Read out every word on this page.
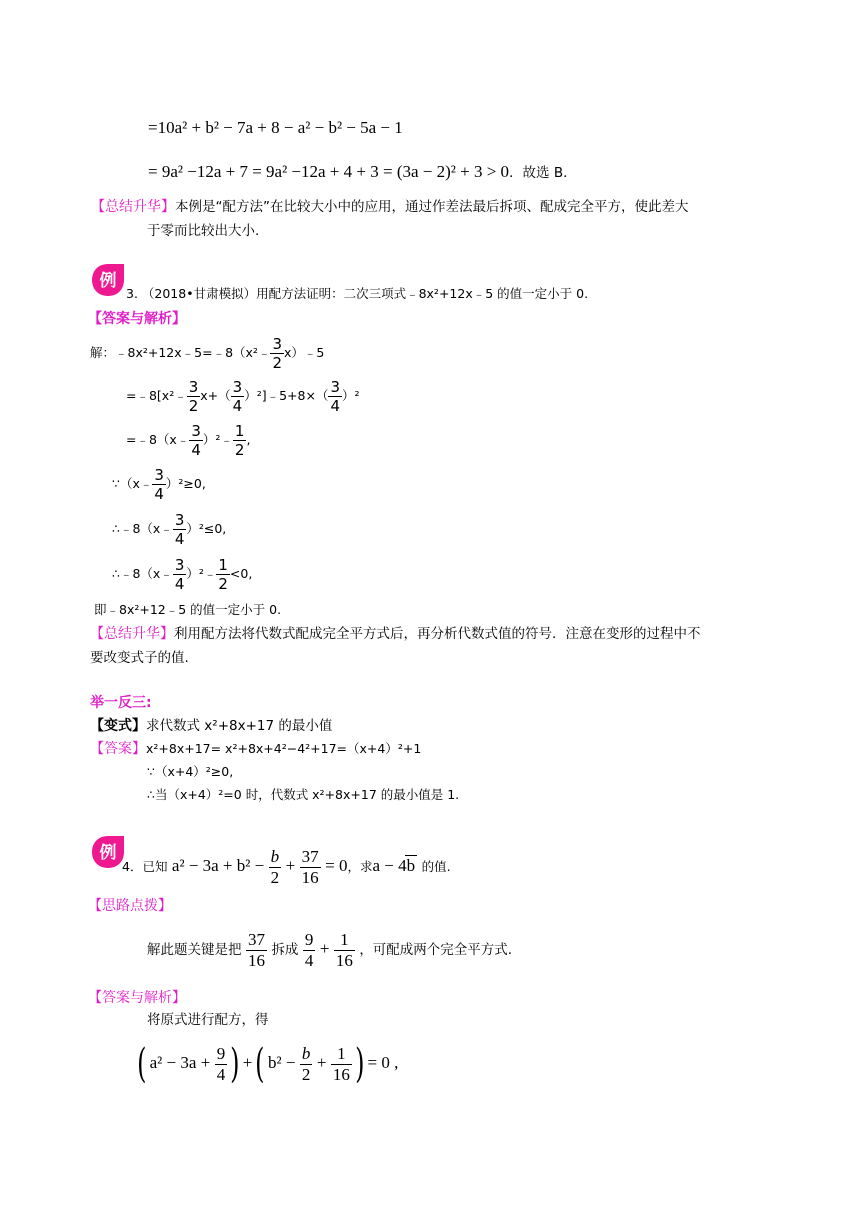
=10a² + b² − 7a + 8 − a² − b² − 5a − 1
= 9a² −12a + 7 = 9a² −12a + 4 + 3 = (3a − 2)² + 3 > 0．故选 B．
【总结升华】本例是“配方法”在比较大小中的应用，通过作差法最后拆项、配成完全平方，使此差大
于零而比较出大小.
例
3. （2018•甘肃模拟）用配方法证明：二次三项式﹣8x²+12x﹣5 的值一定小于 0.
【答案与解析】
解：﹣8x²+12x﹣5=﹣8（x²﹣ $\frac{3}{2}$ x）﹣5
=﹣8[x²﹣ $\frac{3}{2} x+( \frac{3}{4}$ ）²]﹣5+8×（ $\frac{3}{4} )^2$
=﹣8（x﹣ $\frac{3}{4}$ ）²﹣ $\frac{1}{2}$ ,
∵（x﹣ $\frac{3}{4} )^2\ge 0$,
∴﹣8（x﹣ $\frac{3}{4} )^2\le 0$,
∴﹣8（x﹣ $\frac{3}{4}$ ）²﹣ $\frac{1}{2} <0$,
即﹣8x²+12﹣5 的值一定小于 0.
【总结升华】利用配方法将代数式配成完全平方式后，再分析代数式值的符号．注意在变形的过程中不
要改变式子的值.
举一反三:
【变式】求代数式 x²+8x+17 的最小值
【答案】x²+8x+17= x²+8x+4²−4²+17=（x+4）²+1
∵（x+4）²≥0,
∴当（x+4）²=0 时，代数式 x²+8x+17 的最小值是 1.
例
4．已知 $a^2 - 3a + b^2 - \frac{b}{2} + \frac{37}{16} = 0$，求a − 4b 的值.
【思路点拨】
解此题关键是把 $\frac{37}{16}$ 拆成 $\frac{9}{4} + \frac{1}{16}$ ，可配成两个完全平方式.
【答案与解析】
将原式进行配方，得
( $a^2 - 3a + \frac{9}{4}$ ) +( $b^2 - \frac{b}{2} + \frac{1}{16}$ ) = 0 ,
